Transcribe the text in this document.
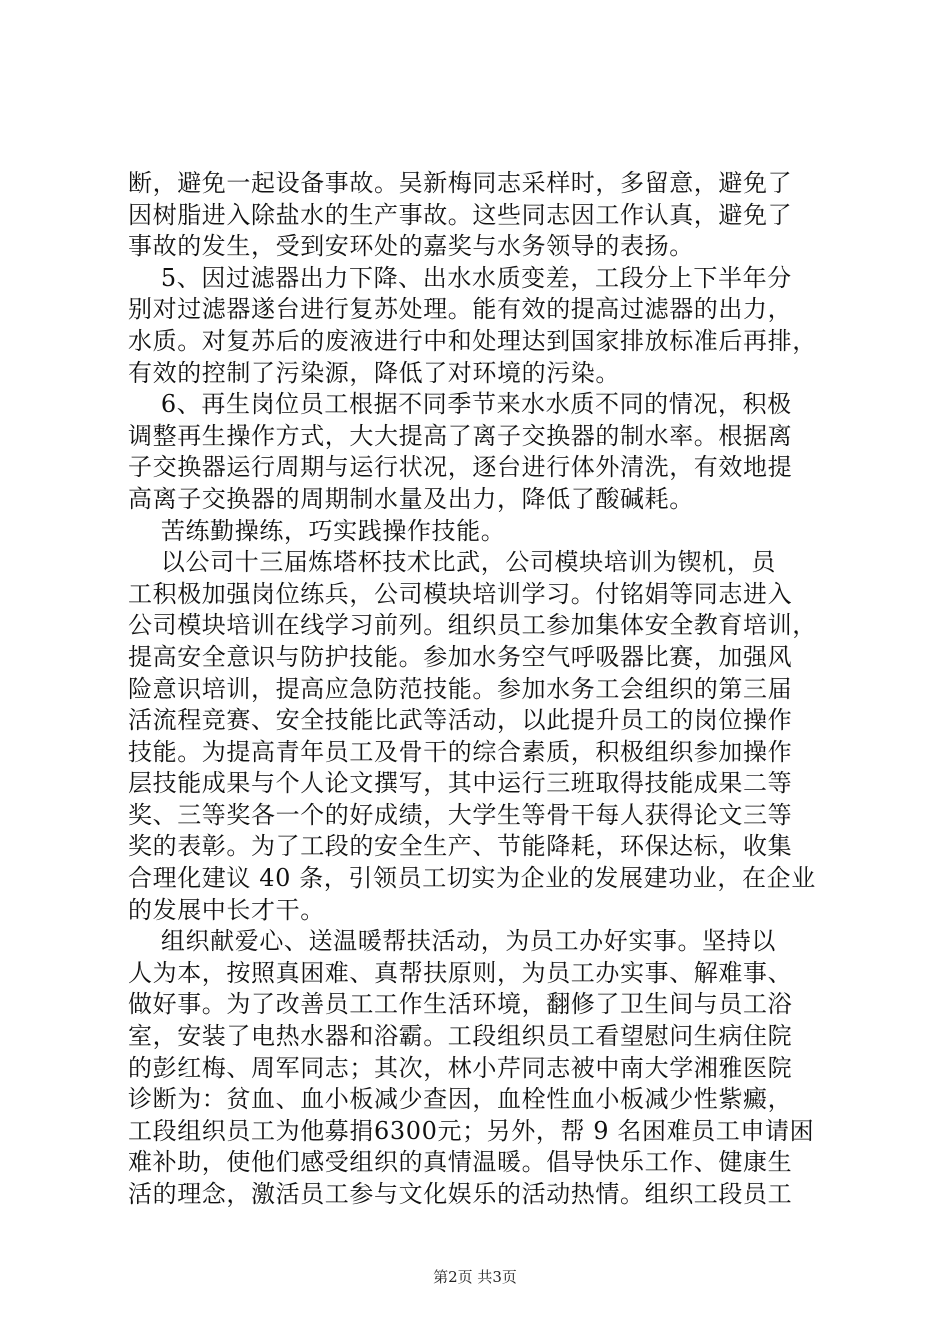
断，避免一起设备事故。吴新梅同志采样时，多留意，避免了
因树脂进入除盐水的生产事故。这些同志因工作认真，避免了
事故的发生，受到安环处的嘉奖与水务领导的表扬。
5、因过滤器出力下降、出水水质变差，工段分上下半年分
别对过滤器遂台进行复苏处理。能有效的提高过滤器的出力，
水质。对复苏后的废液进行中和处理达到国家排放标准后再排，
有效的控制了污染源，降低了对环境的污染。
6、再生岗位员工根据不同季节来水水质不同的情况，积极
调整再生操作方式，大大提高了离子交换器的制水率。根据离
子交换器运行周期与运行状况，逐台进行体外清洗，有效地提
高离子交换器的周期制水量及出力，降低了酸碱耗。
苦练勤操练，巧实践操作技能。
以公司十三届炼塔杯技术比武，公司模块培训为锲机，员
工积极加强岗位练兵，公司模块培训学习。付铭娟等同志进入
公司模块培训在线学习前列。组织员工参加集体安全教育培训，
提高安全意识与防护技能。参加水务空气呼吸器比赛，加强风
险意识培训，提高应急防范技能。参加水务工会组织的第三届
活流程竞赛、安全技能比武等活动，以此提升员工的岗位操作
技能。为提高青年员工及骨干的综合素质，积极组织参加操作
层技能成果与个人论文撰写，其中运行三班取得技能成果二等
奖、三等奖各一个的好成绩，大学生等骨干每人获得论文三等
奖的表彰。为了工段的安全生产、节能降耗，环保达标，收集
合理化建议 40 条，引领员工切实为企业的发展建功业，在企业
的发展中长才干。
组织献爱心、送温暖帮扶活动，为员工办好实事。坚持以
人为本，按照真困难、真帮扶原则，为员工办实事、解难事、
做好事。为了改善员工工作生活环境，翻修了卫生间与员工浴
室，安装了电热水器和浴霸。工段组织员工看望慰问生病住院
的彭红梅、周军同志；其次，林小芹同志被中南大学湘雅医院
诊断为：贫血、血小板减少查因，血栓性血小板减少性紫癜，
工段组织员工为他募捐6300元；另外，帮 9 名困难员工申请困
难补助，使他们感受组织的真情温暖。倡导快乐工作、健康生
活的理念，激活员工参与文化娱乐的活动热情。组织工段员工
第2页 共3页
